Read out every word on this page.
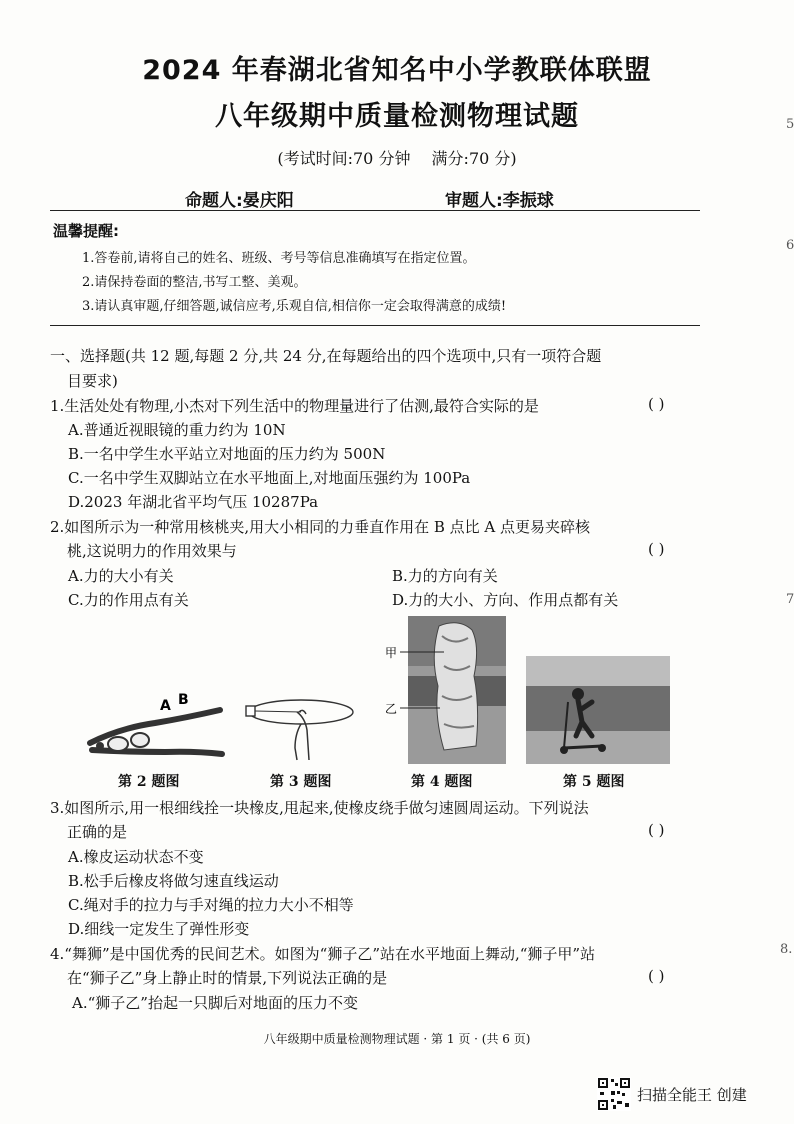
2024 年春湖北省知名中小学教联体联盟
八年级期中质量检测物理试题
(考试时间:70 分钟 满分:70 分)
命题人:晏庆阳	审题人:李振球
温馨提醒:
1.答卷前,请将自己的姓名、班级、考号等信息准确填写在指定位置。
2.请保持卷面的整洁,书写工整、美观。
3.请认真审题,仔细答题,诚信应考,乐观自信,相信你一定会取得满意的成绩!
一、选择题(共 12 题,每题 2 分,共 24 分,在每题给出的四个选项中,只有一项符合题
目要求)
1.生活处处有物理,小杰对下列生活中的物理量进行了估测,最符合实际的是	( )
A.普通近视眼镜的重力约为 10N
B.一名中学生水平站立对地面的压力约为 500N
C.一名中学生双脚站立在水平地面上,对地面压强约为 100Pa
D.2023 年湖北省平均气压 10287Pa
2.如图所示为一种常用核桃夹,用大小相同的力垂直作用在 B 点比 A 点更易夹碎核
桃,这说明力的作用效果与	( )
A.力的大小有关	B.力的方向有关
C.力的作用点有关	D.力的大小、方向、作用点都有关
A B
甲
乙
第 2 题图	第 3 题图	第 4 题图	第 5 题图
3.如图所示,用一根细线拴一块橡皮,甩起来,使橡皮绕手做匀速圆周运动。下列说法
正确的是	( )
A.橡皮运动状态不变
B.松手后橡皮将做匀速直线运动
C.绳对手的拉力与手对绳的拉力大小不相等
D.细线一定发生了弹性形变
4.“舞狮”是中国优秀的民间艺术。如图为“狮子乙”站在水平地面上舞动,“狮子甲”站
在“狮子乙”身上静止时的情景,下列说法正确的是	( )
A.“狮子乙”抬起一只脚后对地面的压力不变
八年级期中质量检测物理试题 · 第 1 页 · (共 6 页)
扫描全能王 创建
5
6
7
8.
